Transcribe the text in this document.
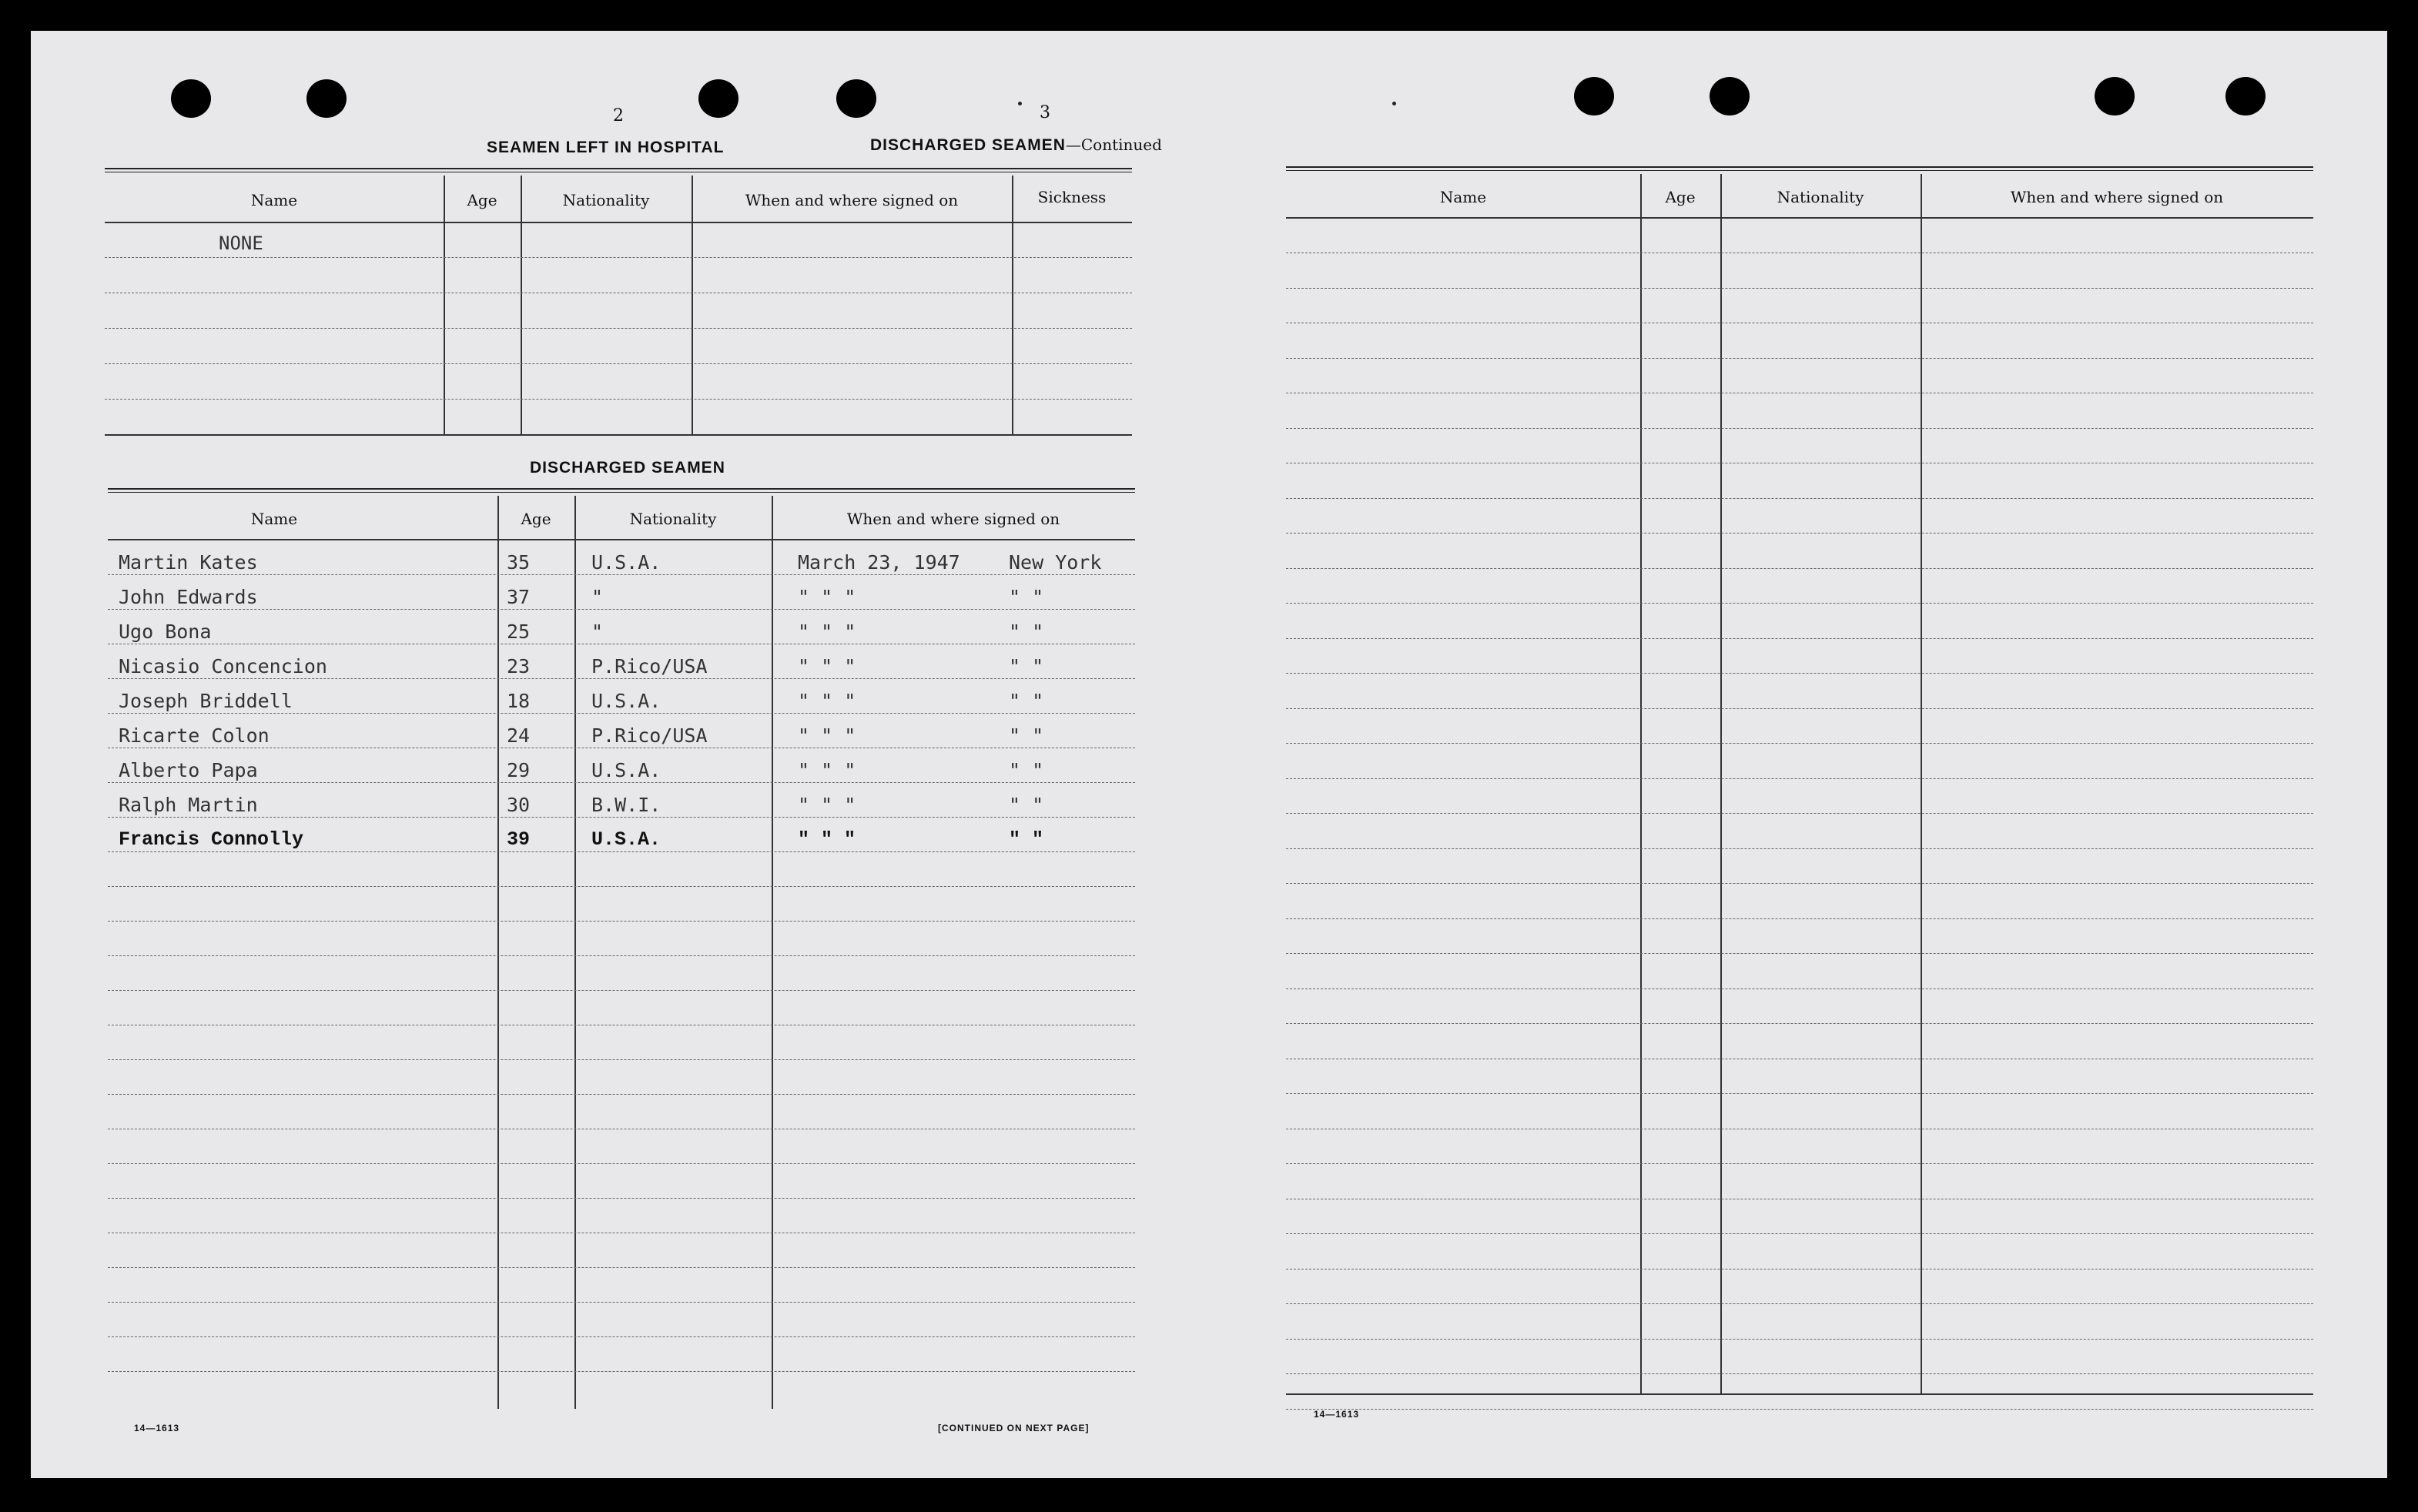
2
SEAMEN LEFT IN HOSPITAL
Name	Age	Nationality	When and where signed on	Sickness
NONE
DISCHARGED SEAMEN
Name	Age	Nationality	When and where signed on
Martin Kates	35	U.S.A.	March 23, 1947	New York
John Edwards	37	"	" " "	" "
Ugo Bona	25	"	" " "	" "
Nicasio Concencion	23	P.Rico/USA	" " "	" "
Joseph Briddell	18	U.S.A.	" " "	" "
Ricarte Colon	24	P.Rico/USA	" " "	" "
Alberto Papa	29	U.S.A.	" " "	" "
Ralph Martin	30	B.W.I.	" " "	" "
Francis Connolly	39	U.S.A.	" " "	" "
14—1613	[CONTINUED ON NEXT PAGE]
3
DISCHARGED SEAMEN—Continued
Name	Age	Nationality	When and where signed on
14—1613
